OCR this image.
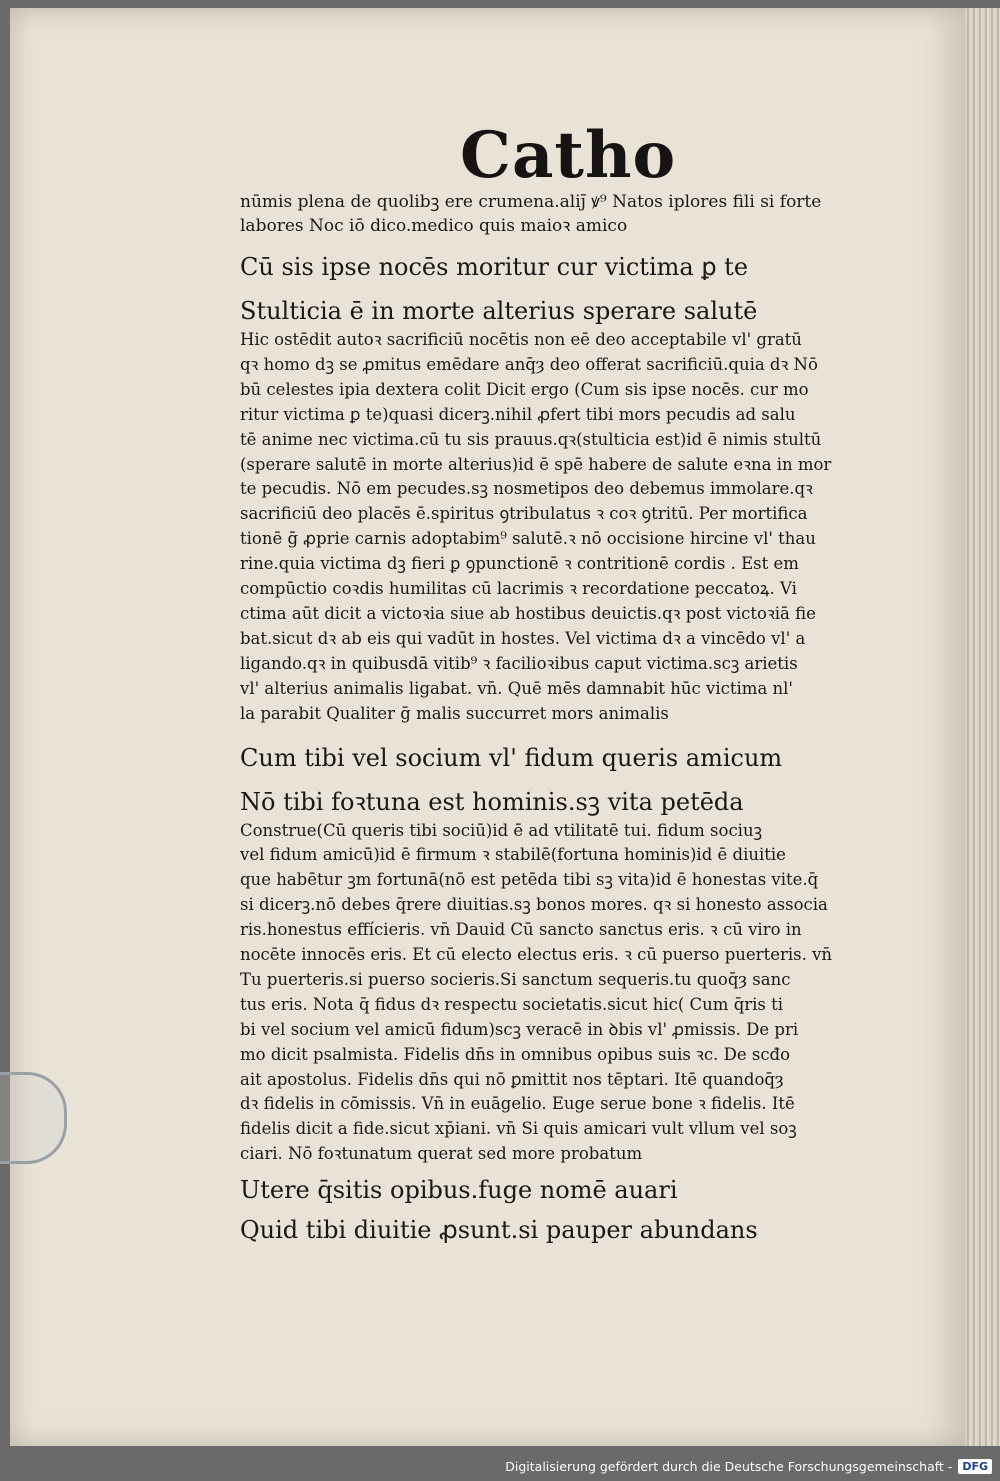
Catho
nūmis plena de quolibꝫ ere crumena.aliȷ̄ ꝟ⁹ Natos iplores fili si forte
labores Noc iō dico.medico quis maioꝛ amico
Cū sis ipse nocēs moritur cur victima ꝑ te
Stulticia ē in morte alterius sperare salutē
Hic ostēdit autoꝛ sacrificiū nocētis non eē deo acceptabile vl' gratū
qꝛ homo dꝫ se ꝓmitus emēdare anq̄ȝ deo offerat sacrificiū.quia dꝛ Nō
bū celestes ipia dextera colit Dicit ergo (Cum sis ipse nocēs. cur mo
ritur victima ꝑ te)quasi dicerꝫ.nihil ꝓfert tibi mors pecudis ad salu
tē anime nec victima.cū tu sis prauus.qꝛ(stulticia est)id ē nimis stultū
(sperare salutē in morte alterius)id ē spē habere de salute eꝛna in mor
te pecudis. Nō em pecudes.sꝫ nosmetipos deo debemus immolare.qꝛ
sacrificiū deo placēs ē.spiritus ꝯtribulatus ꝛ coꝛ ꝯtritū. Per mortifica
tionē ḡ ꝓprie carnis adoptabim⁹ salutē.ꝛ nō occisione hircine vl' thau
rine.quia victima dꝫ fieri ꝑ ꝯpunctionē ꝛ contritionē cordis . Est em
compūctio coꝛdis humilitas cū lacrimis ꝛ recordatione peccatoꝝ. Vi
ctima aūt dicit a victoꝛia siue ab hostibus deuictis.qꝛ post victoꝛiā fie
bat.sicut dꝛ ab eis qui vadūt in hostes. Vel victima dꝛ a vincēdo vl' a
ligando.qꝛ in quibusdā vitib⁹ ꝛ facilioꝛibus caput victima.scꝫ arietis
vl' alterius animalis ligabat. vn̄. Quē mēs damnabit hūc victima nl'
la parabit Qualiter ḡ malis succurret mors animalis
Cum tibi vel socium vl' fidum queris amicum
Nō tibi foꝛtuna est hominis.sꝫ vita petēda
Construe(Cū queris tibi sociū)id ē ad vtilitatē tui. fidum sociuꝫ
vel fidum amicū)id ē firmum ꝛ stabilē(fortuna hominis)id ē diuitie
que habētur ꝫm fortunā(nō est petēda tibi sꝫ vita)id ē honestas vite.q̄
si dicerꝫ.nō debes q̄rere diuitias.sꝫ bonos mores. qꝛ si honesto associa
ris.honestus effícieris. vn̄ Dauid Cū sancto sanctus eris. ꝛ cū viro in
nocēte innocēs eris. Et cū electo electus eris. ꝛ cū puerso puerteris. vn̄
Tu puerteris.si puerso socieris.Si sanctum sequeris.tu quoq̄ȝ sanc
tus eris. Nota q̄ fidus dꝛ respectu societatis.sicut hic( Cum q̄ris ti
bi vel socium vel amicū fidum)scꝫ veracē in ꝺbis vl' ꝓmissis. De pri
mo dicit psalmista. Fidelis dn̄s in omnibus opibus suis ꝛc. De scđo
ait apostolus. Fidelis dn̄s qui nō ꝑmittit nos tēptari. Itē quandoq̄ȝ
dꝛ fidelis in cōmissis. Vn̄ in euāgelio. Euge serue bone ꝛ fidelis. Itē
fidelis dicit a fide.sicut xp̄iani. vn̄ Si quis amicari vult vllum vel soꝫ
ciari. Nō foꝛtunatum querat sed more probatum
Utere q̄sitis opibus.fuge nomē auari
Quid tibi diuitie ꝓsunt.si pauper abundans
Digitalisierung gefördert durch die Deutsche Forschungsgemeinschaft - DFG
